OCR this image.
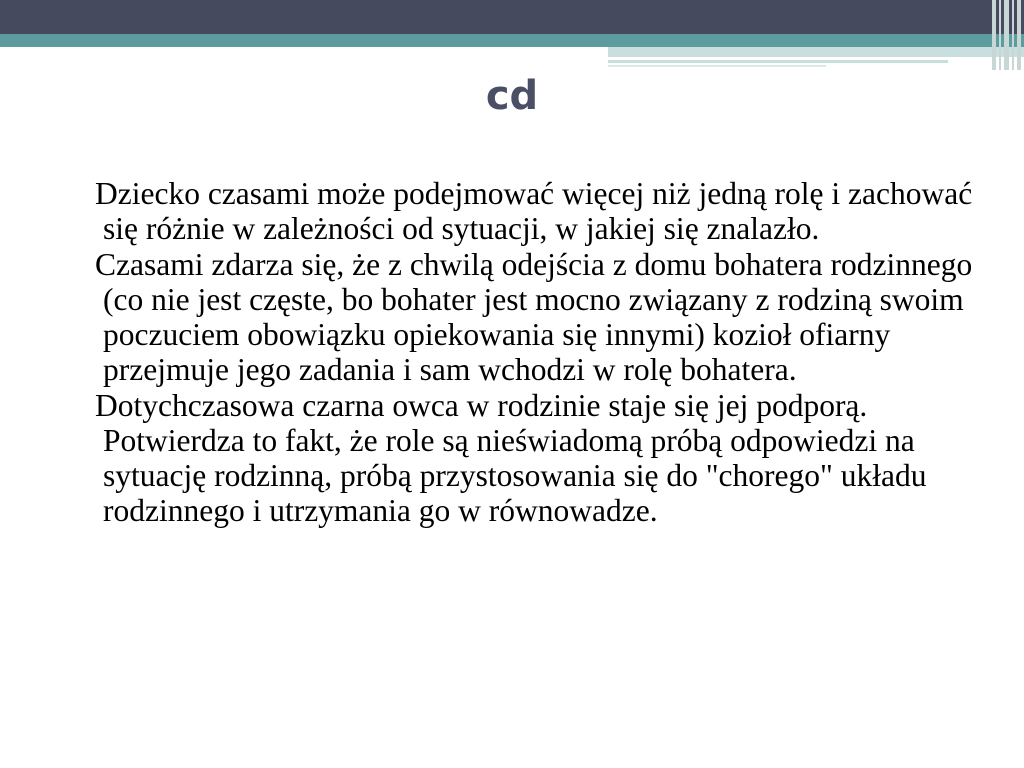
cd

Dziecko czasami może podejmować więcej niż jedną rolę i zachować się różnie w zależności od sytuacji, w jakiej się znalazło.

Czasami zdarza się, że z chwilą odejścia z domu bohatera rodzinnego (co nie jest częste, bo bohater jest mocno związany z rodziną swoim poczuciem obowiązku opiekowania się innymi) kozioł ofiarny przejmuje jego zadania i sam wchodzi w rolę bohatera.

Dotychczasowa czarna owca w rodzinie staje się jej podporą. Potwierdza to fakt, że role są nieświadomą próbą odpowiedzi na sytuację rodzinną, próbą przystosowania się do "chorego" układu rodzinnego i utrzymania go w równowadze.
